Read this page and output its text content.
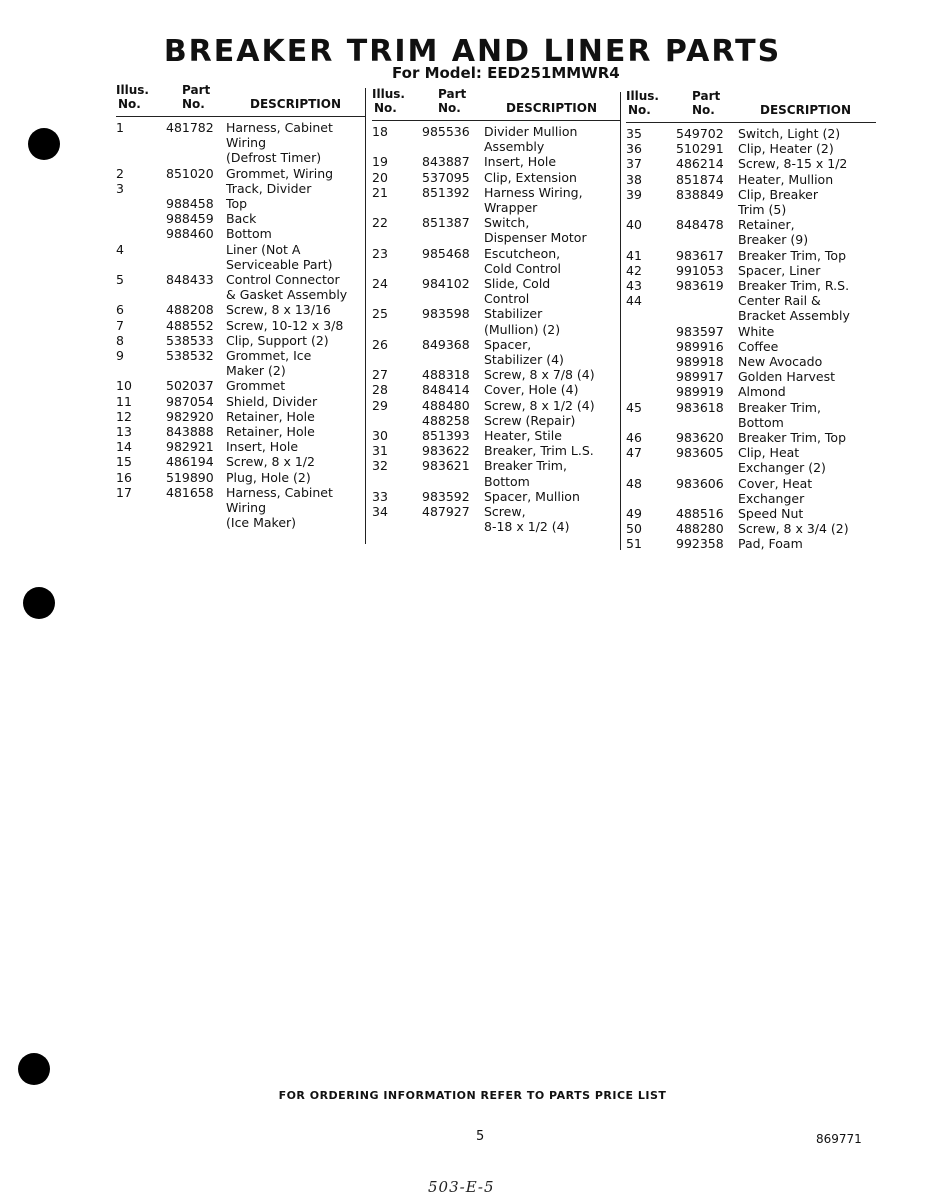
BREAKER TRIM AND LINER PARTS
For Model: EED251MMWR4
Illus.
No.
Part
No.	DESCRIPTION
1	481782 Harness, Cabinet
Wiring
(Defrost Timer)
2	851020 Grommet, Wiring
3	Track, Divider
988458 Top
988459 Back
988460 Bottom
4	Liner (Not A
Serviceable Part)
5	848433 Control Connector
& Gasket Assembly
6	488208 Screw, 8 x 13/16
7	488552 Screw, 10-12 x 3/8
8	538533 Clip, Support (2)
9	538532 Grommet, Ice
Maker (2)
10	502037 Grommet
11	987054 Shield, Divider
12	982920 Retainer, Hole
13	843888 Retainer, Hole
14	982921 Insert, Hole
15	486194 Screw, 8 x 1/2
16	519890 Plug, Hole (2)
17	481658 Harness, Cabinet
Wiring
(Ice Maker)
Illus.
No.
Part
No.	DESCRIPTION
18	985536	Divider Mullion
Assembly
19	843887	Insert, Hole
20	537095	Clip, Extension
21	851392	Harness Wiring,
Wrapper
22	851387	Switch,
Dispenser Motor
23	985468	Escutcheon,
Cold Control
24	984102	Slide, Cold
Control
25	983598	Stabilizer
(Mullion) (2)
26	849368	Spacer,
Stabilizer (4)
27	488318	Screw, 8 x 7/8 (4)
28	848414	Cover, Hole (4)
29	488480	Screw, 8 x 1/2 (4)
488258	Screw (Repair)
30	851393	Heater, Stile
31	983622	Breaker, Trim L.S.
32	983621	Breaker Trim,
Bottom
33	983592	Spacer, Mullion
34	487927	Screw,
8-18 x 1/2 (4)
Illus.
No.
Part
No.	DESCRIPTION
35	549702	Switch, Light (2)
36	510291	Clip, Heater (2)
37	486214	Screw, 8-15 x 1/2
38	851874	Heater, Mullion
39	838849	Clip, Breaker
Trim (5)
40	848478	Retainer,
Breaker (9)
41	983617	Breaker Trim, Top
42	991053	Spacer, Liner
43	983619	Breaker Trim, R.S.
44	Center Rail &
Bracket Assembly
983597	White
989916	Coffee
989918	New Avocado
989917	Golden Harvest
989919	Almond
45	983618	Breaker Trim,
Bottom
46	983620	Breaker Trim, Top
47	983605	Clip, Heat
Exchanger (2)
48	983606	Cover, Heat
Exchanger
49	488516	Speed Nut
50	488280	Screw, 8 x 3/4 (2)
51	992358	Pad, Foam
FOR ORDERING INFORMATION REFER TO PARTS PRICE LIST
5	869771
503-E-5
